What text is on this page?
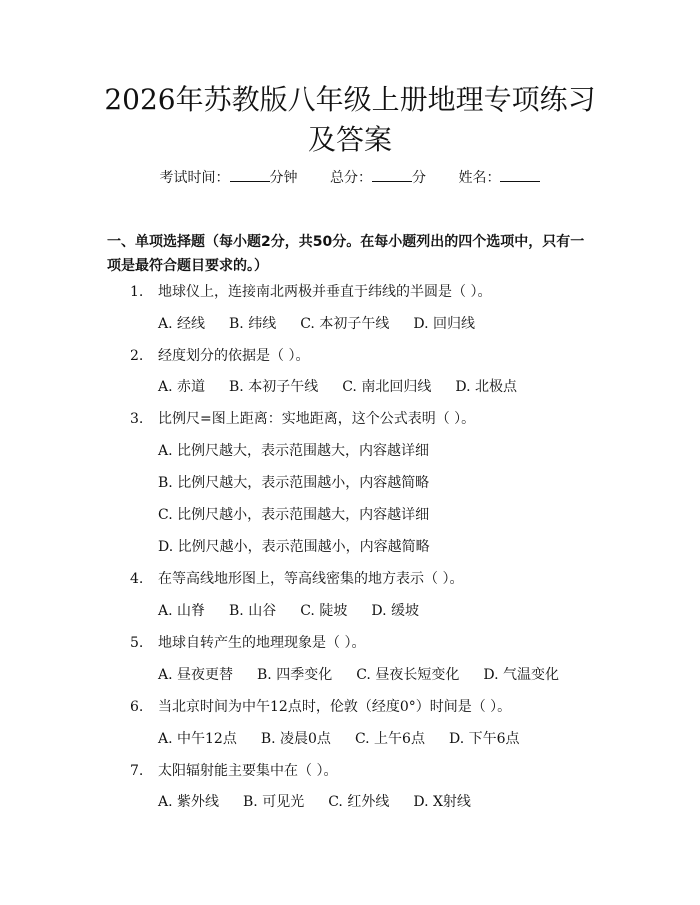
2026年苏教版八年级上册地理专项练习及答案
考试时间：	分钟 总分：	分 姓名：
一、单项选择题（每小题2分，共50分。在每小题列出的四个选项中，只有一项是最符合题目要求的。）
1. 地球仪上，连接南北两极并垂直于纬线的半圆是（ ）。
A. 经线 B. 纬线 C. 本初子午线 D. 回归线
2. 经度划分的依据是（ ）。
A. 赤道 B. 本初子午线 C. 南北回归线 D. 北极点
3. 比例尺=图上距离：实地距离，这个公式表明（ ）。
A. 比例尺越大，表示范围越大，内容越详细
B. 比例尺越大，表示范围越小，内容越简略
C. 比例尺越小，表示范围越大，内容越详细
D. 比例尺越小，表示范围越小，内容越简略
4. 在等高线地形图上，等高线密集的地方表示（ ）。
A. 山脊 B. 山谷 C. 陡坡 D. 缓坡
5. 地球自转产生的地理现象是（ ）。
A. 昼夜更替 B. 四季变化 C. 昼夜长短变化 D. 气温变化
6. 当北京时间为中午12点时，伦敦（经度0°）时间是（ ）。
A. 中午12点 B. 凌晨0点 C. 上午6点 D. 下午6点
7. 太阳辐射能主要集中在（ ）。
A. 紫外线 B. 可见光 C. 红外线 D. X射线
